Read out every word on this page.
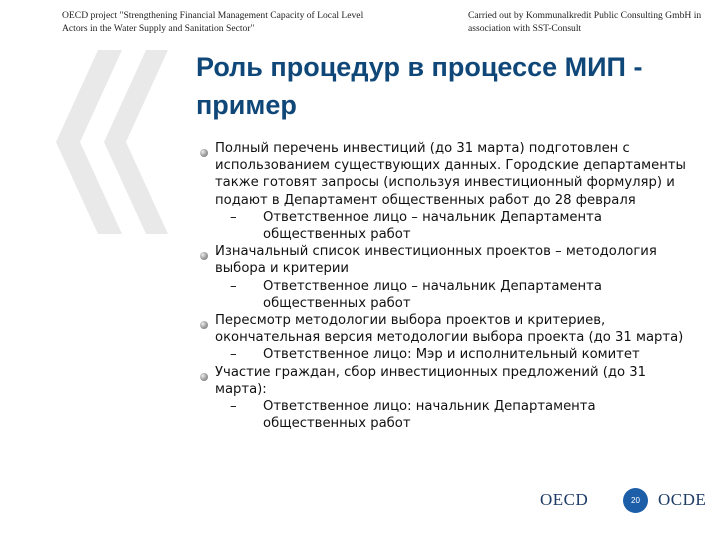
OECD project "Strengthening Financial Management Capacity of Local Level Actors in the Water Supply and Sanitation Sector"
Carried out by Kommunalkredit Public Consulting GmbH in association with SST-Consult
Роль процедур в процессе МИП - пример
Полный перечень инвестиций (до 31 марта) подготовлен с использованием существующих данных. Городские департаменты также готовят запросы (используя инвестиционный формуляр) и подают в Департамент общественных работ до 28 февраля
– Ответственное лицо – начальник Департамента общественных работ
Изначальный список инвестиционных проектов – методология выбора и критерии
– Ответственное лицо – начальник Департамента общественных работ
Пересмотр методологии выбора проектов и критериев, окончательная версия методологии выбора проекта (до 31 марта)
– Ответственное лицо: Мэр и исполнительный комитет
Участие граждан, сбор инвестиционных предложений (до 31 марта):
– Ответственное лицо: начальник Департамента общественных работ
OECD	20	OCDE
